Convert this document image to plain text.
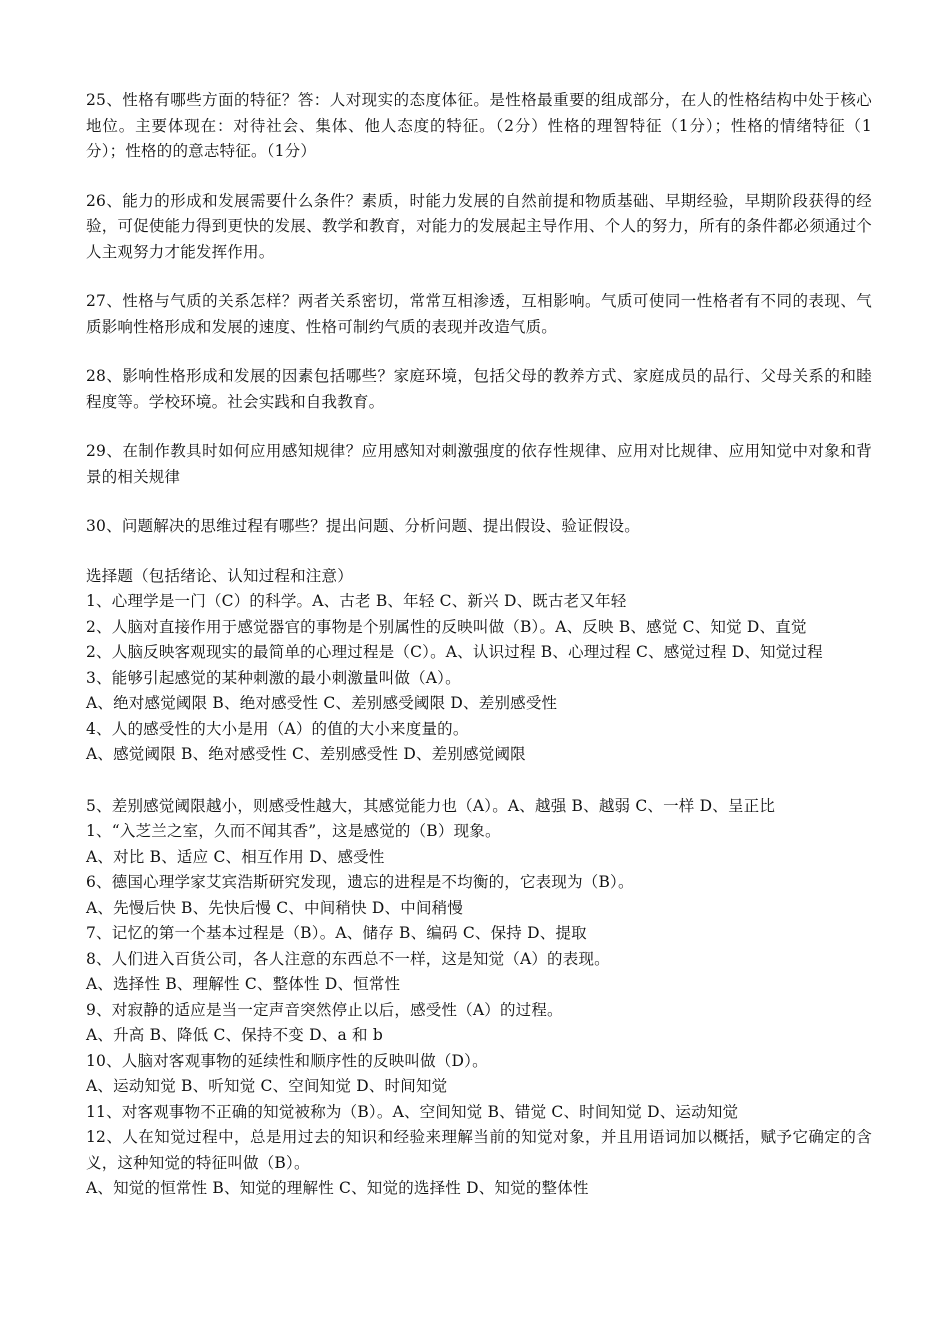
25、性格有哪些方面的特征？答：人对现实的态度体征。是性格最重要的组成部分，在人的性格结构中处于核心地位。主要体现在：对待社会、集体、他人态度的特征。（2分）性格的理智特征（1分）；性格的情绪特征（1分）；性格的的意志特征。（1分）

26、能力的形成和发展需要什么条件？素质，时能力发展的自然前提和物质基础、早期经验，早期阶段获得的经验，可促使能力得到更快的发展、教学和教育，对能力的发展起主导作用、个人的努力，所有的条件都必须通过个人主观努力才能发挥作用。

27、性格与气质的关系怎样？两者关系密切，常常互相渗透，互相影响。气质可使同一性格者有不同的表现、气质影响性格形成和发展的速度、性格可制约气质的表现并改造气质。

28、影响性格形成和发展的因素包括哪些？家庭环境，包括父母的教养方式、家庭成员的品行、父母关系的和睦程度等。学校环境。社会实践和自我教育。

29、在制作教具时如何应用感知规律？应用感知对刺激强度的依存性规律、应用对比规律、应用知觉中对象和背景的相关规律

30、问题解决的思维过程有哪些？提出问题、分析问题、提出假设、验证假设。

选择题（包括绪论、认知过程和注意）

1、心理学是一门（C）的科学。A、古老 B、年轻 C、新兴 D、既古老又年轻

2、人脑对直接作用于感觉器官的事物是个别属性的反映叫做（B）。A、反映 B、感觉 C、知觉 D、直觉

2、人脑反映客观现实的最简单的心理过程是（C）。A、认识过程 B、心理过程 C、感觉过程 D、知觉过程

3、能够引起感觉的某种刺激的最小刺激量叫做（A）。

A、绝对感觉阈限 B、绝对感受性 C、差别感受阈限 D、差别感受性

4、人的感受性的大小是用（A）的值的大小来度量的。

A、感觉阈限 B、绝对感受性 C、差别感受性 D、差别感觉阈限

5、差别感觉阈限越小，则感受性越大，其感觉能力也（A）。A、越强 B、越弱 C、一样 D、呈正比

1、“入芝兰之室，久而不闻其香”，这是感觉的（B）现象。

A、对比 B、适应 C、相互作用 D、感受性

6、德国心理学家艾宾浩斯研究发现，遗忘的进程是不均衡的，它表现为（B）。

A、先慢后快 B、先快后慢 C、中间稍快 D、中间稍慢

7、记忆的第一个基本过程是（B）。A、储存 B、编码 C、保持 D、提取

8、人们进入百货公司，各人注意的东西总不一样，这是知觉（A）的表现。

A、选择性 B、理解性 C、整体性 D、恒常性

9、对寂静的适应是当一定声音突然停止以后，感受性（A）的过程。

A、升高 B、降低 C、保持不变 D、a 和 b

10、人脑对客观事物的延续性和顺序性的反映叫做（D）。

A、运动知觉 B、听知觉 C、空间知觉 D、时间知觉

11、对客观事物不正确的知觉被称为（B）。A、空间知觉 B、错觉 C、时间知觉 D、运动知觉

12、人在知觉过程中，总是用过去的知识和经验来理解当前的知觉对象，并且用语词加以概括，赋予它确定的含义，这种知觉的特征叫做（B）。

A、知觉的恒常性 B、知觉的理解性 C、知觉的选择性 D、知觉的整体性
